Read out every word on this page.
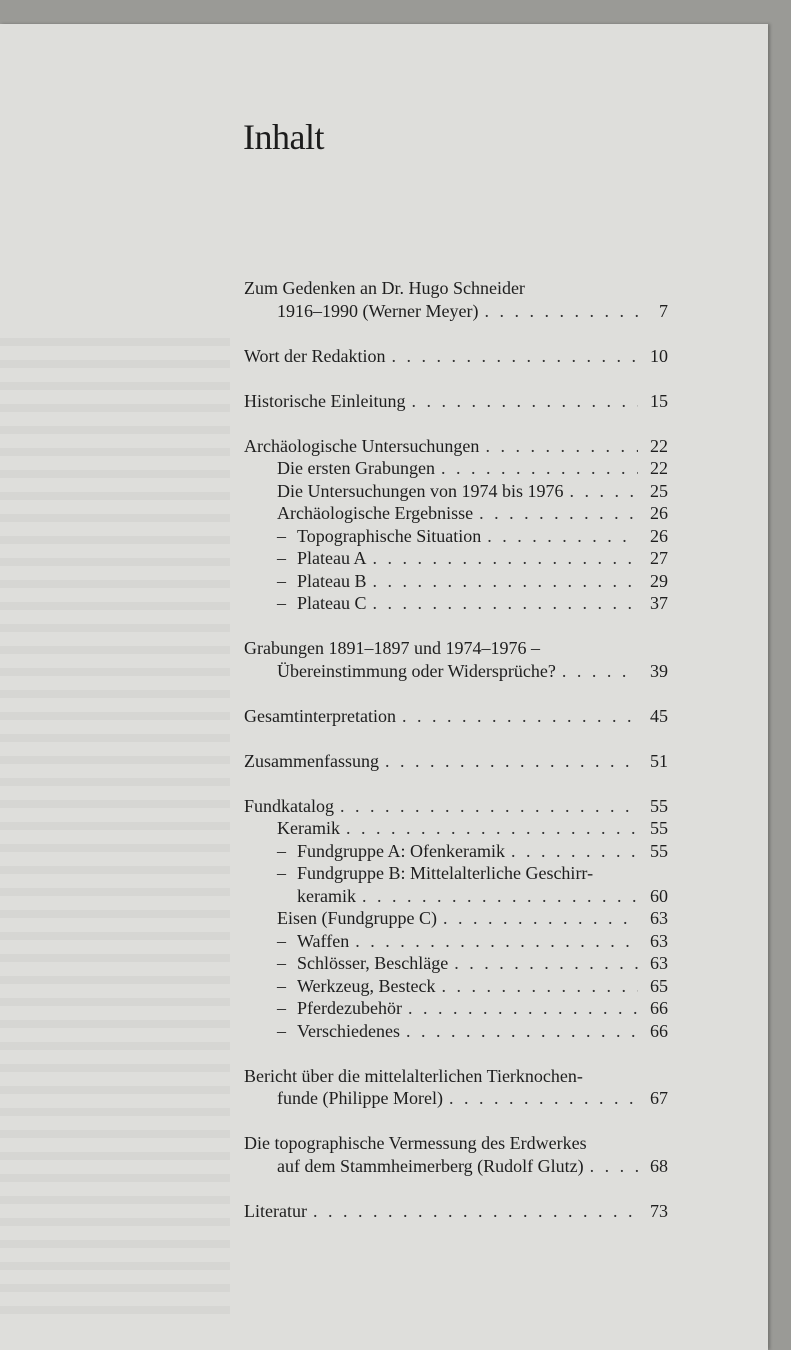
Inhalt
Zum Gedenken an Dr. Hugo Schneider
1916–1990 (Werner Meyer) . . .	7
Wort der Redaktion . . .	10
Historische Einleitung . . .	15
Archäologische Untersuchungen . . .	22
Die ersten Grabungen . . .	22
Die Untersuchungen von 1974 bis 1976 . . .	25
Archäologische Ergebnisse . . .	26
– Topographische Situation . . .	26
– Plateau A . . .	27
– Plateau B . . .	29
– Plateau C . . .	37
Grabungen 1891–1897 und 1974–1976 –
Übereinstimmung oder Widersprüche? . . .	39
Gesamtinterpretation . . .	45
Zusammenfassung . . .	51
Fundkatalog . . .	55
Keramik . . .	55
– Fundgruppe A: Ofenkeramik . . .	55
– Fundgruppe B: Mittelalterliche Geschirr-
keramik . . .	60
Eisen (Fundgruppe C) . . .	63
– Waffen . . .	63
– Schlösser, Beschläge . . .	63
– Werkzeug, Besteck . . .	65
– Pferdezubehör . . .	66
– Verschiedenes . . .	66
Bericht über die mittelalterlichen Tierknochen-
funde (Philippe Morel) . . .	67
Die topographische Vermessung des Erdwerkes
auf dem Stammheimerberg (Rudolf Glutz) . . .	68
Literatur . . .	73
